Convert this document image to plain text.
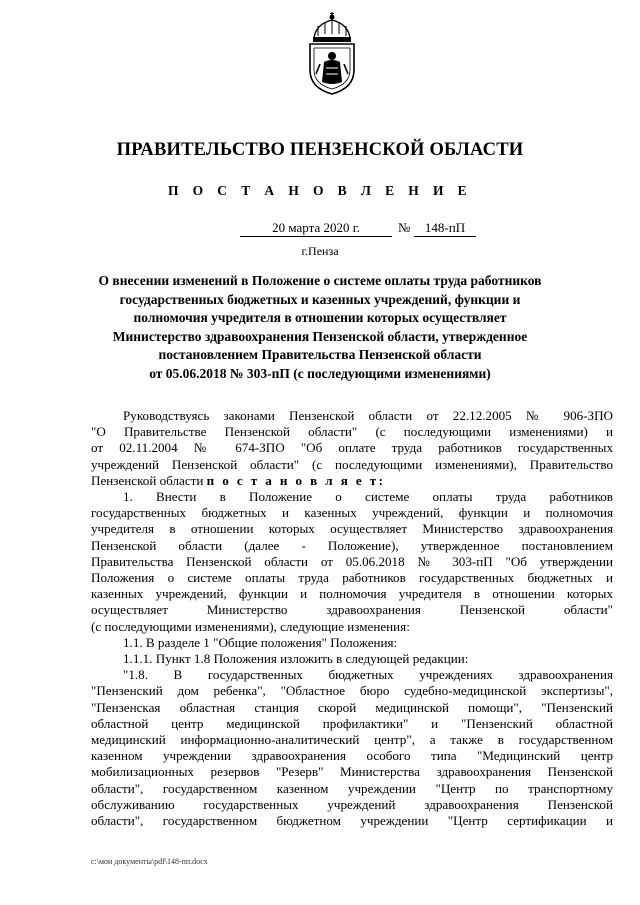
ПРАВИТЕЛЬСТВО ПЕНЗЕНСКОЙ ОБЛАСТИ
П О С Т А Н О В Л Е Н И Е
20 марта 2020 г.	№	148-пП
г.Пенза
О внесении изменений в Положение о системе оплаты труда работников
государственных бюджетных и казенных учреждений, функции и
полномочия учредителя в отношении которых осуществляет
Министерство здравоохранения Пензенской области, утвержденное
постановлением Правительства Пензенской области
от 05.06.2018 № 303-пП (с последующими изменениями)
Руководствуясь законами Пензенской области от 22.12.2005 № 906-ЗПО
"О Правительстве Пензенской области" (с последующими изменениями) и
от 02.11.2004 № 674-ЗПО "Об оплате труда работников государственных
учреждений Пензенской области" (с последующими изменениями), Правительство
Пензенской области п о с т а н о в л я е т:
1. Внести в Положение о системе оплаты труда работников
государственных бюджетных и казенных учреждений, функции и полномочия
учредителя в отношении которых осуществляет Министерство здравоохранения
Пензенской области (далее - Положение), утвержденное постановлением
Правительства Пензенской области от 05.06.2018 № 303-пП "Об утверждении
Положения о системе оплаты труда работников государственных бюджетных и
казенных учреждений, функции и полномочия учредителя в отношении которых
осуществляет Министерство здравоохранения Пензенской области"
(с последующими изменениями), следующие изменения:
1.1. В разделе 1 "Общие положения" Положения:
1.1.1. Пункт 1.8 Положения изложить в следующей редакции:
"1.8. В государственных бюджетных учреждениях здравоохранения
"Пензенский дом ребенка", "Областное бюро судебно-медицинской экспертизы",
"Пензенская областная станция скорой медицинской помощи", "Пензенский
областной центр медицинской профилактики" и "Пензенский областной
медицинский информационно-аналитический центр", а также в государственном
казенном учреждении здравоохранения особого типа "Медицинский центр
мобилизационных резервов "Резерв" Министерства здравоохранения Пензенской
области", государственном казенном учреждении "Центр по транспортному
обслуживанию государственных учреждений здравоохранения Пензенской
области", государственном бюджетном учреждении "Центр сертификации и
c:\мои документы\pdf\148-пп.docx
